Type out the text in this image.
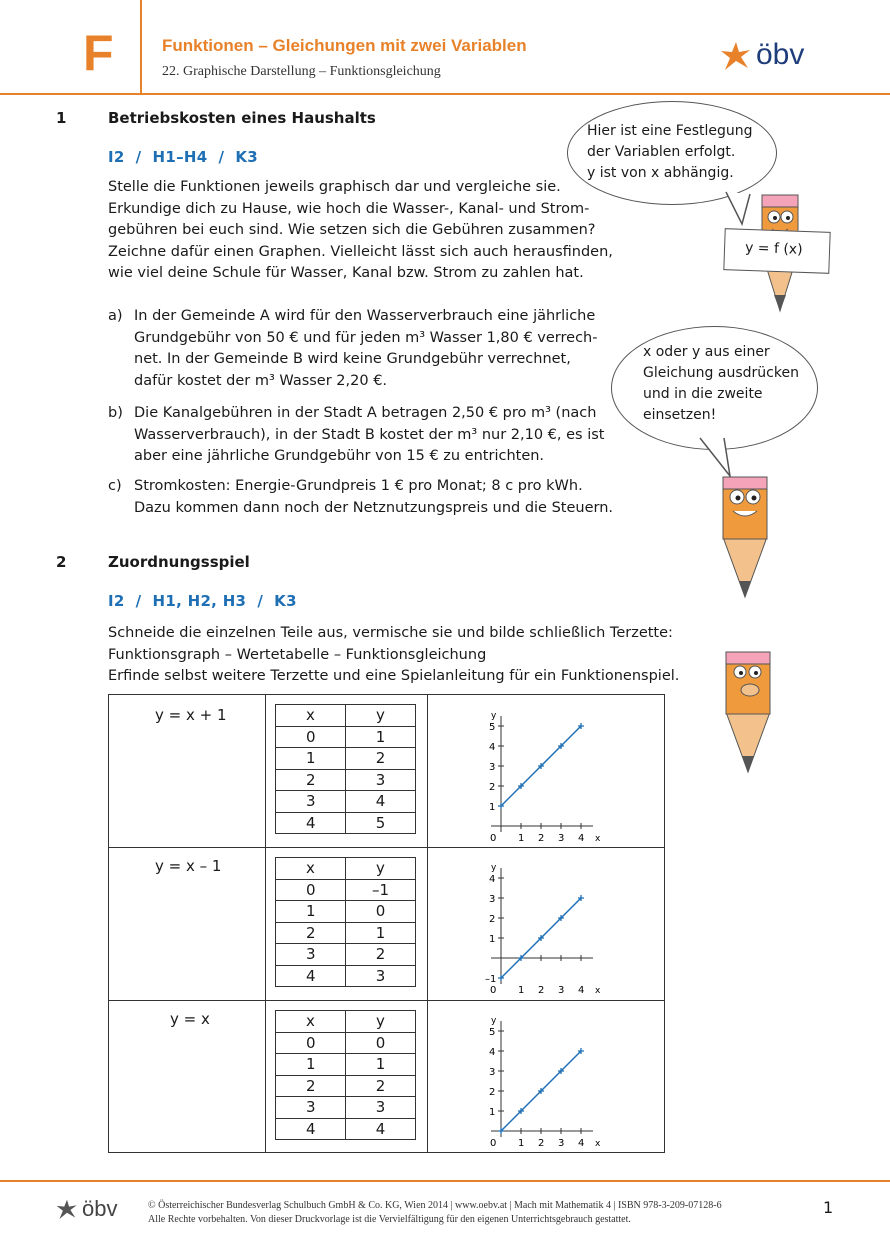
F	Funktionen – Gleichungen mit zwei Variablen
22. Graphische Darstellung – Funktionsgleichung
öbv
1	Betriebskosten eines Haushalts
I2  /  H1–H4  /  K3
Stelle die Funktionen jeweils graphisch dar und vergleiche sie.
Erkundige dich zu Hause, wie hoch die Wasser-, Kanal- und Strom-
gebühren bei euch sind. Wie setzen sich die Gebühren zusammen?
Zeichne dafür einen Graphen. Vielleicht lässt sich auch herausfinden,
wie viel deine Schule für Wasser, Kanal bzw. Strom zu zahlen hat.
a) In der Gemeinde A wird für den Wasserverbrauch eine jährliche
Grundgebühr von 50 € und für jeden m³ Wasser 1,80 € verrech-
net. In der Gemeinde B wird keine Grundgebühr verrechnet,
dafür kostet der m³ Wasser 2,20 €.
b) Die Kanalgebühren in der Stadt A betragen 2,50 € pro m³ (nach
Wasserverbrauch), in der Stadt B kostet der m³ nur 2,10 €, es ist
aber eine jährliche Grundgebühr von 15 € zu entrichten.
c) Stromkosten: Energie-Grundpreis 1 € pro Monat; 8 c pro kWh.
Dazu kommen dann noch der Netznutzungspreis und die Steuern.
Hier ist eine Festlegung
der Variablen erfolgt.
y ist von x abhängig.
y = f (x)
x oder y aus einer
Gleichung ausdrücken
und in die zweite
einsetzen!
2	Zuordnungsspiel
I2  /  H1, H2, H3  /  K3
Schneide die einzelnen Teile aus, vermische sie und bilde schließlich Terzette:
Funktionsgraph – Wertetabelle – Funktionsgleichung
Erfinde selbst weitere Terzette und eine Spielanleitung für ein Funktionenspiel.
y = x + 1	x	y
0	1
1	2
2	3
3	4
4	5
x
y
0 1 2 3 4
1
2
3
4
5
y = x – 1	x	y
0	–1
1	0
2	1
3	2
4	3
x
y
0 1 2 3 4
–1
1
2
3
4
y = x	x	y
0	0
1	1
2	2
3	3
4	4
x
y
0 1 2 3 4
1
2
3
4
5
öbv	© Österreichischer Bundesverlag Schulbuch GmbH & Co. KG, Wien 2014 | www.oebv.at | Mach mit Mathematik 4 | ISBN 978-3-209-07128-6
Alle Rechte vorbehalten. Von dieser Druckvorlage ist die Vervielfältigung für den eigenen Unterrichtsgebrauch gestattet.
1
